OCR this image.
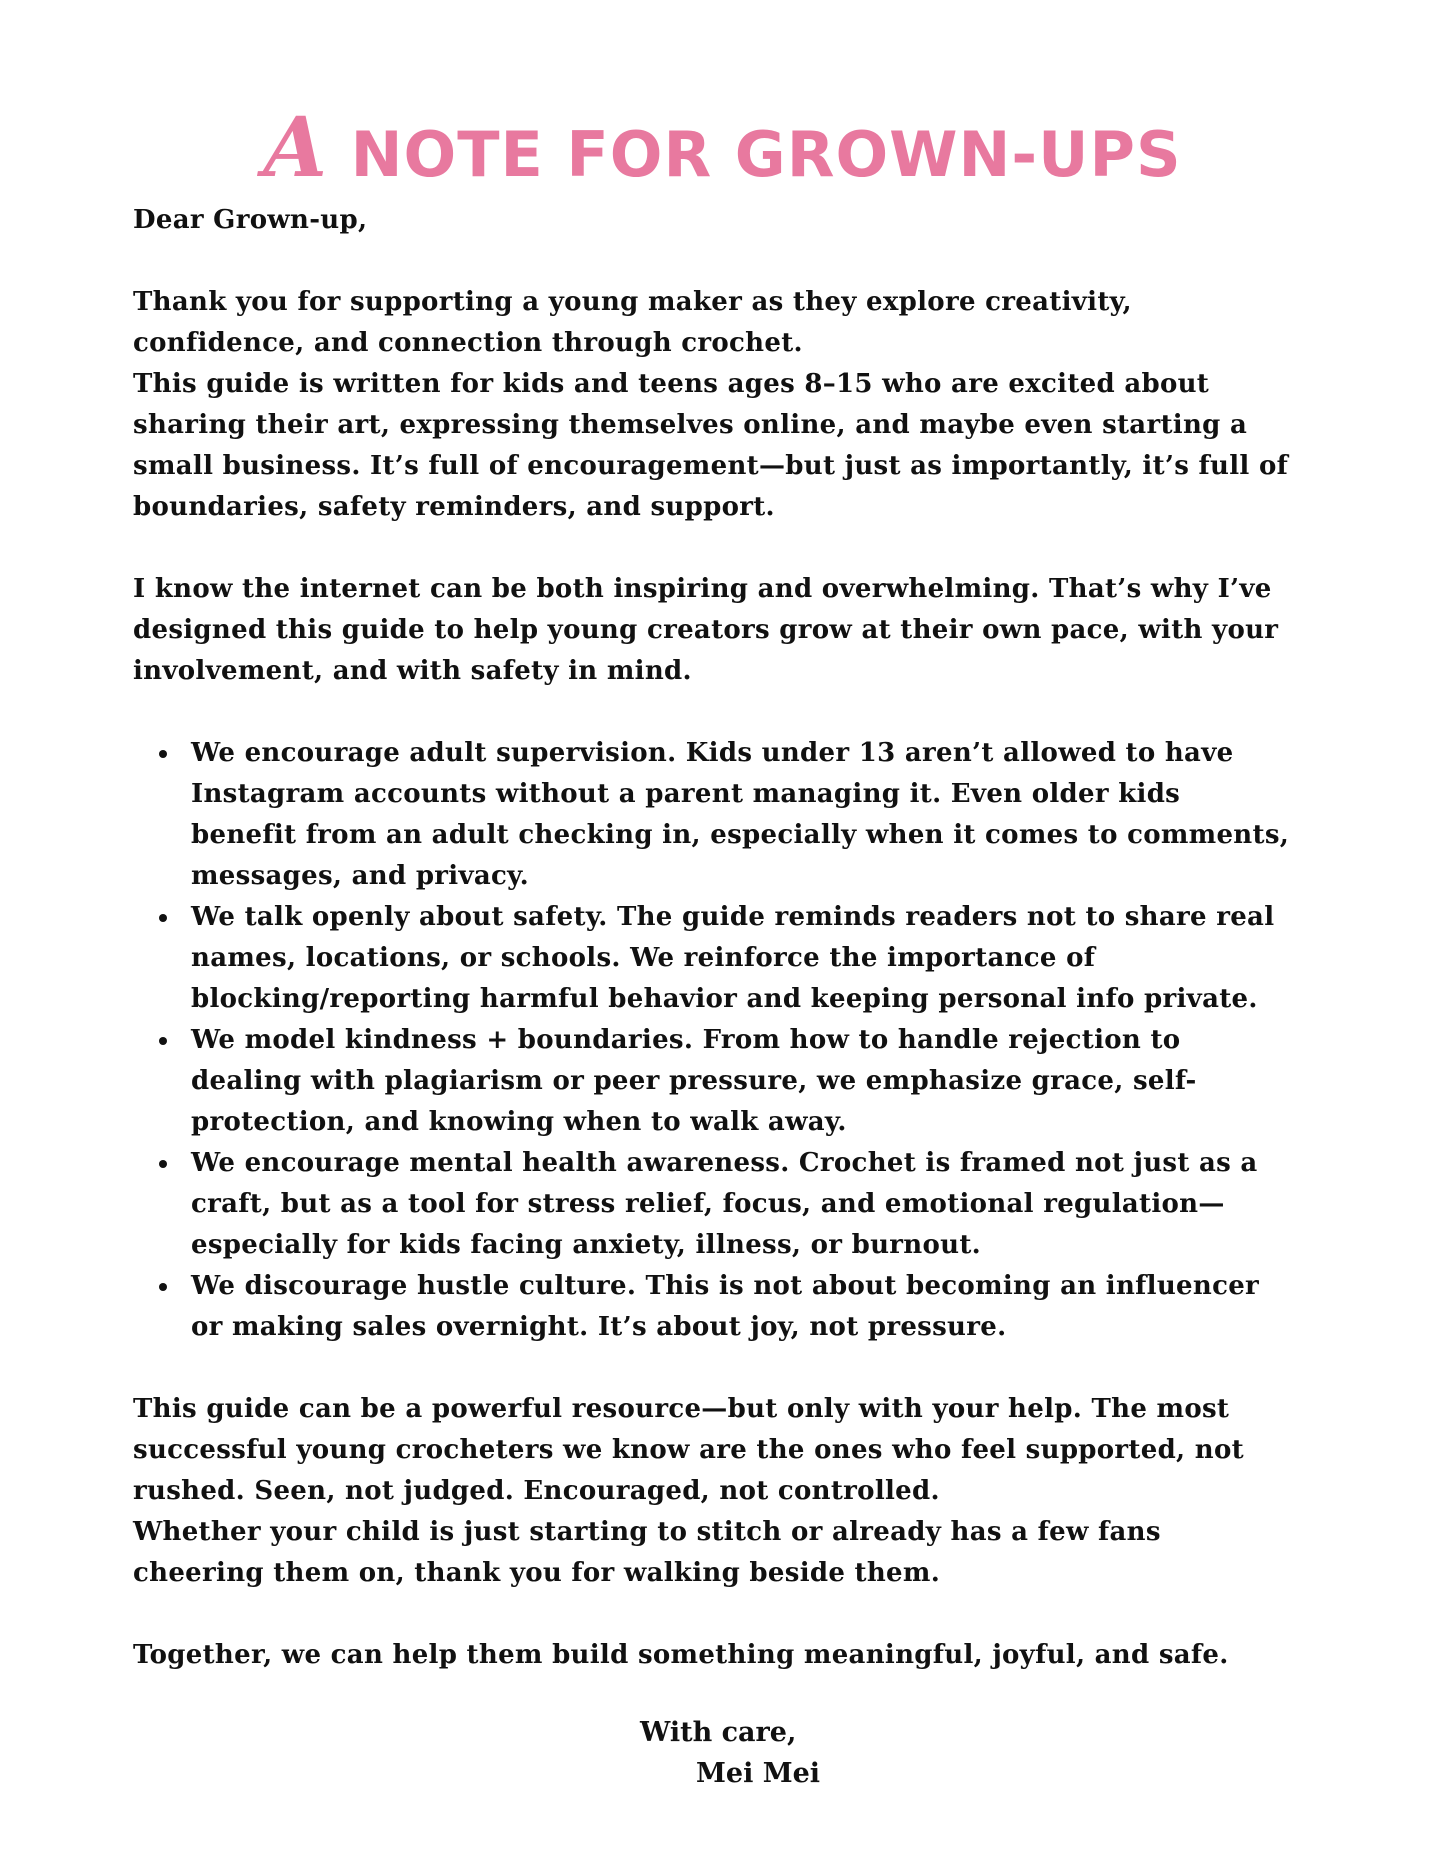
A NOTE FOR GROWN-UPS

Dear Grown-up,

Thank you for supporting a young maker as they explore creativity,

confidence, and connection through crochet.

This guide is written for kids and teens ages 8–15 who are excited about sharing their art, expressing themselves online, and maybe even starting a small business. It’s full of encouragement—but just as importantly, it’s full of boundaries, safety reminders, and support.

I know the internet can be both inspiring and overwhelming. That’s why I’ve designed this guide to help young creators grow at their own pace, with your involvement, and with safety in mind.

We encourage adult supervision. Kids under 13 aren’t allowed to have Instagram accounts without a parent managing it. Even older kids benefit from an adult checking in, especially when it comes to comments, messages, and privacy.
We talk openly about safety. The guide reminds readers not to share real names, locations, or schools. We reinforce the importance of blocking/reporting harmful behavior and keeping personal info private.
We model kindness + boundaries. From how to handle rejection to dealing with plagiarism or peer pressure, we emphasize grace, self-protection, and knowing when to walk away.
We encourage mental health awareness. Crochet is framed not just as a craft, but as a tool for stress relief, focus, and emotional regulation—especially for kids facing anxiety, illness, or burnout.
We discourage hustle culture. This is not about becoming an influencer or making sales overnight. It’s about joy, not pressure.

This guide can be a powerful resource—but only with your help. The most successful young crocheters we know are the ones who feel supported, not rushed. Seen, not judged. Encouraged, not controlled.

Whether your child is just starting to stitch or already has a few fans cheering them on, thank you for walking beside them.

Together, we can help them build something meaningful, joyful, and safe.

With care,
Mei Mei
